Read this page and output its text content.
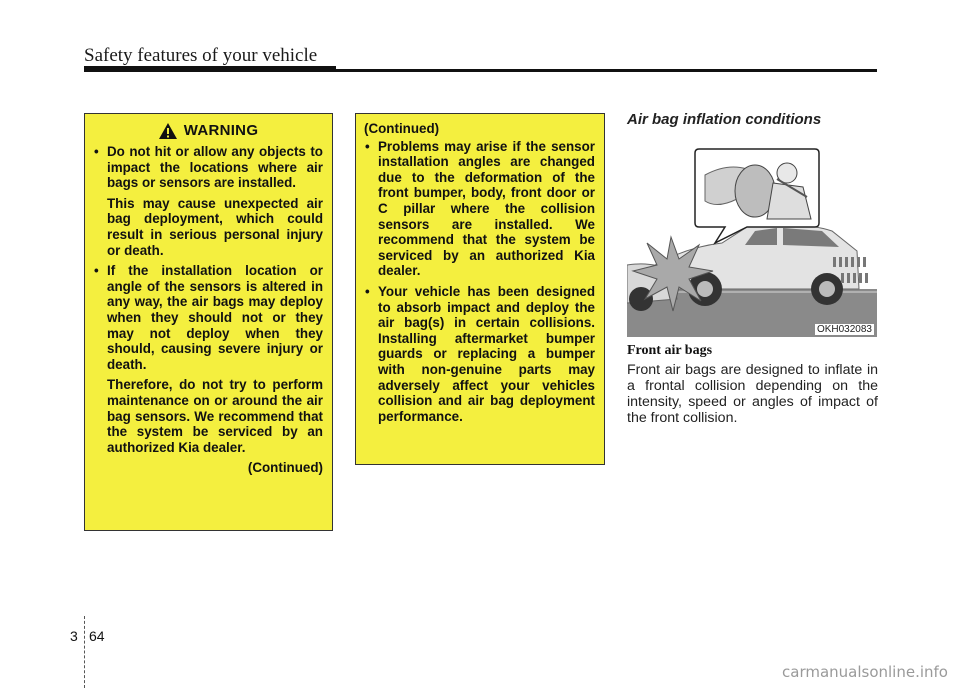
Safety features of your vehicle
WARNING
• Do not hit or allow any objects to impact the locations where air bags or sensors are installed.
This may cause unexpected air bag deployment, which could result in serious personal injury or death.
• If the installation location or angle of the sensors is altered in any way, the air bags may deploy when they should not or they may not deploy when they should, causing severe injury or death.
Therefore, do not try to perform maintenance on or around the air bag sensors. We recommend that the system be serviced by an authorized Kia dealer.
(Continued)
(Continued)
• Problems may arise if the sensor installation angles are changed due to the deformation of the front bumper, body, front door or C pillar where the collision sensors are installed. We recommend that the system be serviced by an authorized Kia dealer.
• Your vehicle has been designed to absorb impact and deploy the air bag(s) in certain collisions. Installing aftermarket bumper guards or replacing a bumper with non-genuine parts may adversely affect your vehicles collision and air bag deployment performance.
Air bag inflation conditions
OKH032083
Front air bags
Front air bags are designed to inflate in a frontal collision depending on the intensity, speed or angles of impact of the front collision.
3 64
carmanualsonline.info
